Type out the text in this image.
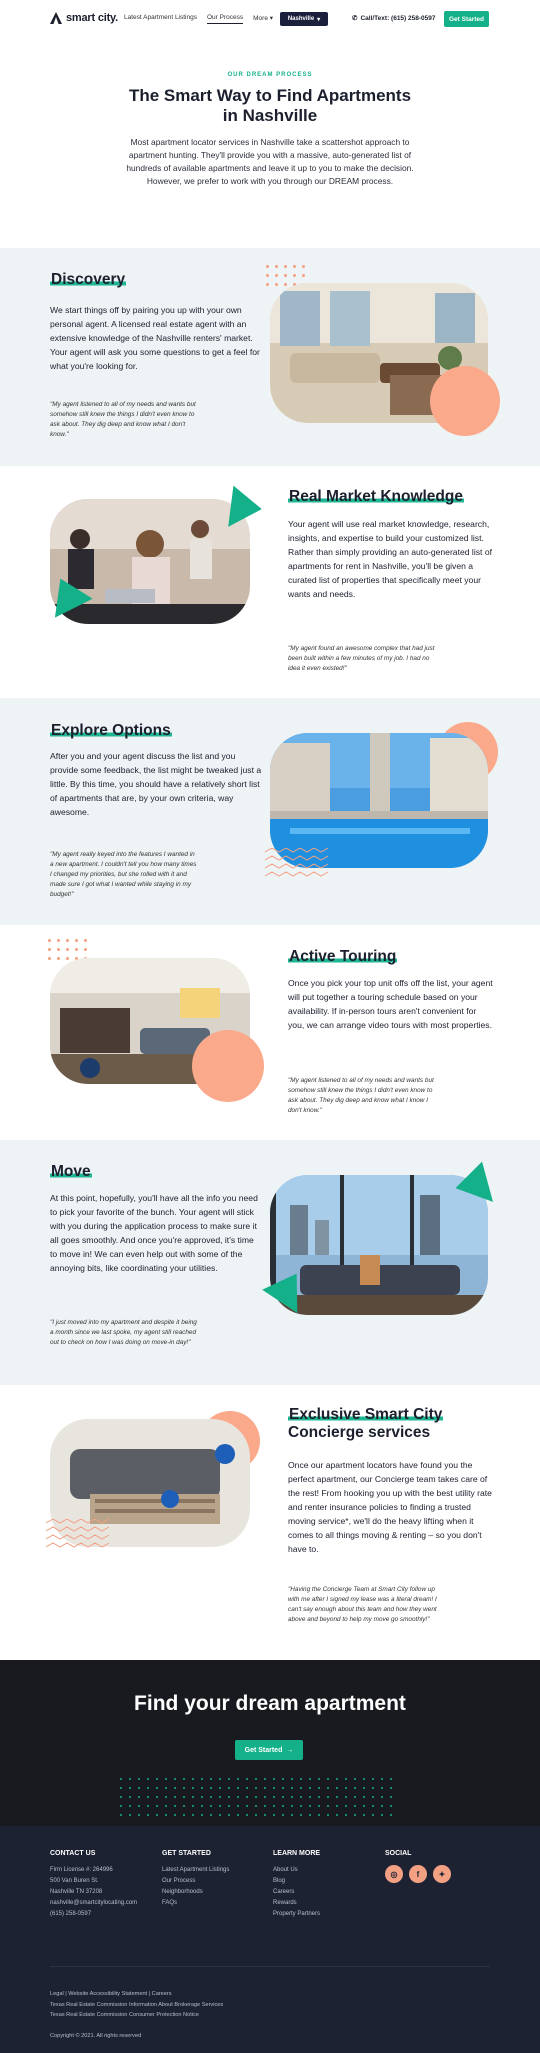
smart city. Latest Apartment Listings Our Process More ▾ Nashville ▾	✆ Call/Text: (615) 258-0597	Get Started
OUR DREAM PROCESS
The Smart Way to Find Apartments in Nashville

Most apartment locator services in Nashville take a scattershot approach to apartment hunting. They'll provide you with a massive, auto-generated list of hundreds of available apartments and leave it up to you to make the decision. However, we prefer to work with you through our DREAM process.

Discovery
We start things off by pairing you up with your own personal agent. A licensed real estate agent with an extensive knowledge of the Nashville renters' market. Your agent will ask you some questions to get a feel for what you're looking for.
"My agent listened to all of my needs and wants but somehow still knew the things I didn't even know to ask about. They dig deep and know what I don't know."
Real Market Knowledge
Your agent will use real market knowledge, research, insights, and expertise to build your customized list. Rather than simply providing an auto-generated list of apartments for rent in Nashville, you'll be given a curated list of properties that specifically meet your wants and needs.
"My agent found an awesome complex that had just been built within a few minutes of my job. I had no idea it even existed!"
Explore Options
After you and your agent discuss the list and you provide some feedback, the list might be tweaked just a little. By this time, you should have a relatively short list of apartments that are, by your own criteria, way awesome.
"My agent really keyed into the features I wanted in a new apartment. I couldn't tell you how many times I changed my priorities, but she rolled with it and made sure I got what I wanted while staying in my budget!"
Active Touring
Once you pick your top unit offs off the list, your agent will put together a touring schedule based on your availability. If in-person tours aren't convenient for you, we can arrange video tours with most properties.
"My agent listened to all of my needs and wants but somehow still knew the things I didn't even know to ask about. They dig deep and know what I know I don't know."
Move
At this point, hopefully, you'll have all the info you need to pick your favorite of the bunch. Your agent will stick with you during the application process to make sure it all goes smoothly. And once you're approved, it's time to move in! We can even help out with some of the annoying bits, like coordinating your utilities.
"I just moved into my apartment and despite it being a month since we last spoke, my agent still reached out to check on how I was doing on move-in day!"
Exclusive Smart City
Concierge services
Once our apartment locators have found you the perfect apartment, our Concierge team takes care of the rest! From hooking you up with the best utility rate and renter insurance policies to finding a trusted moving service*, we'll do the heavy lifting when it comes to all things moving & renting – so you don't have to.
"Having the Concierge Team at Smart City follow up with me after I signed my lease was a literal dream! I can't say enough about this team and how they went above and beyond to help my move go smoothly!"
Find your dream apartment
Get Started →
CONTACT US
Firm License #: 264996
500 Van Buren St.
Nashville TN 37208
nashville@smartcitylocating.com
(615) 258-0597
GET STARTED
Latest Apartment Listings
Our Process
Neighborhoods
FAQs
LEARN MORE
About Us
Blog
Careers
Rewards
Property Partners
SOCIAL
◎	f	✦
Legal | Website Accessibility Statement | Careers
Texas Real Estate Commission Information About Brokerage Services
Texas Real Estate Commission Consumer Protection Notice
Copyright © 2021. All rights reserved
